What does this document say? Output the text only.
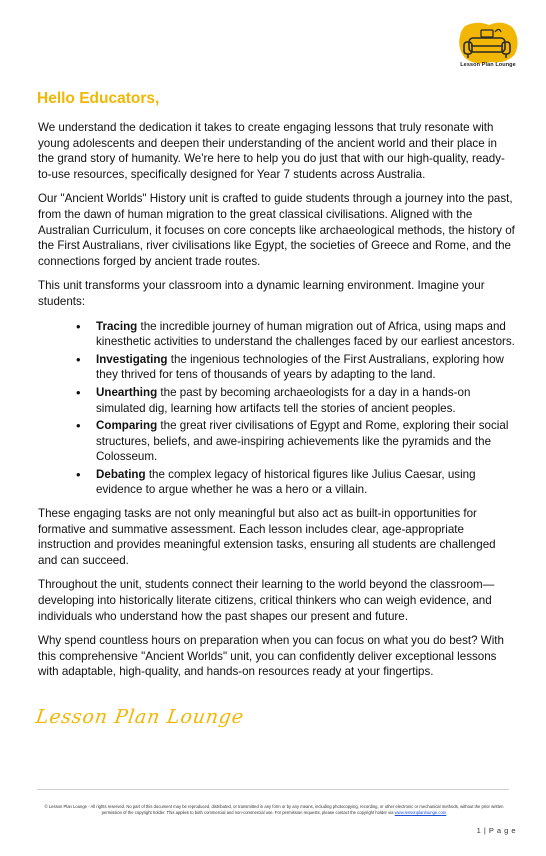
Lesson Plan Lounge
Hello Educators,

We understand the dedication it takes to create engaging lessons that truly resonate with young adolescents and deepen their understanding of the ancient world and their place in the grand story of humanity. We're here to help you do just that with our high-quality, ready-to-use resources, specifically designed for Year 7 students across Australia.

Our "Ancient Worlds" History unit is crafted to guide students through a journey into the past, from the dawn of human migration to the great classical civilisations. Aligned with the Australian Curriculum, it focuses on core concepts like archaeological methods, the history of the First Australians, river civilisations like Egypt, the societies of Greece and Rome, and the connections forged by ancient trade routes.

This unit transforms your classroom into a dynamic learning environment. Imagine your students:

• Tracing the incredible journey of human migration out of Africa, using maps and kinesthetic activities to understand the challenges faced by our earliest ancestors.
• Investigating the ingenious technologies of the First Australians, exploring how they thrived for tens of thousands of years by adapting to the land.
• Unearthing the past by becoming archaeologists for a day in a hands-on simulated dig, learning how artifacts tell the stories of ancient peoples.
• Comparing the great river civilisations of Egypt and Rome, exploring their social structures, beliefs, and awe-inspiring achievements like the pyramids and the Colosseum.
• Debating the complex legacy of historical figures like Julius Caesar, using evidence to argue whether he was a hero or a villain.

These engaging tasks are not only meaningful but also act as built-in opportunities for formative and summative assessment. Each lesson includes clear, age-appropriate instruction and provides meaningful extension tasks, ensuring all students are challenged and can succeed.

Throughout the unit, students connect their learning to the world beyond the classroom—developing into historically literate citizens, critical thinkers who can weigh evidence, and individuals who understand how the past shapes our present and future.

Why spend countless hours on preparation when you can focus on what you do best? With this comprehensive "Ancient Worlds" unit, you can confidently deliver exceptional lessons with adaptable, high-quality, and hands-on resources ready at your fingertips.

Lesson Plan Lounge
© Lesson Plan Lounge - All rights reserved. No part of this document may be reproduced, distributed, or transmitted in any form or by any means, including photocopying, recording, or other electronic or mechanical methods, without the prior written permission of the copyright holder. This applies to both commercial and non-commercial use. For permission requests, please contact the copyright holder via www.lessonplanlounge.com
1 | P a g e
